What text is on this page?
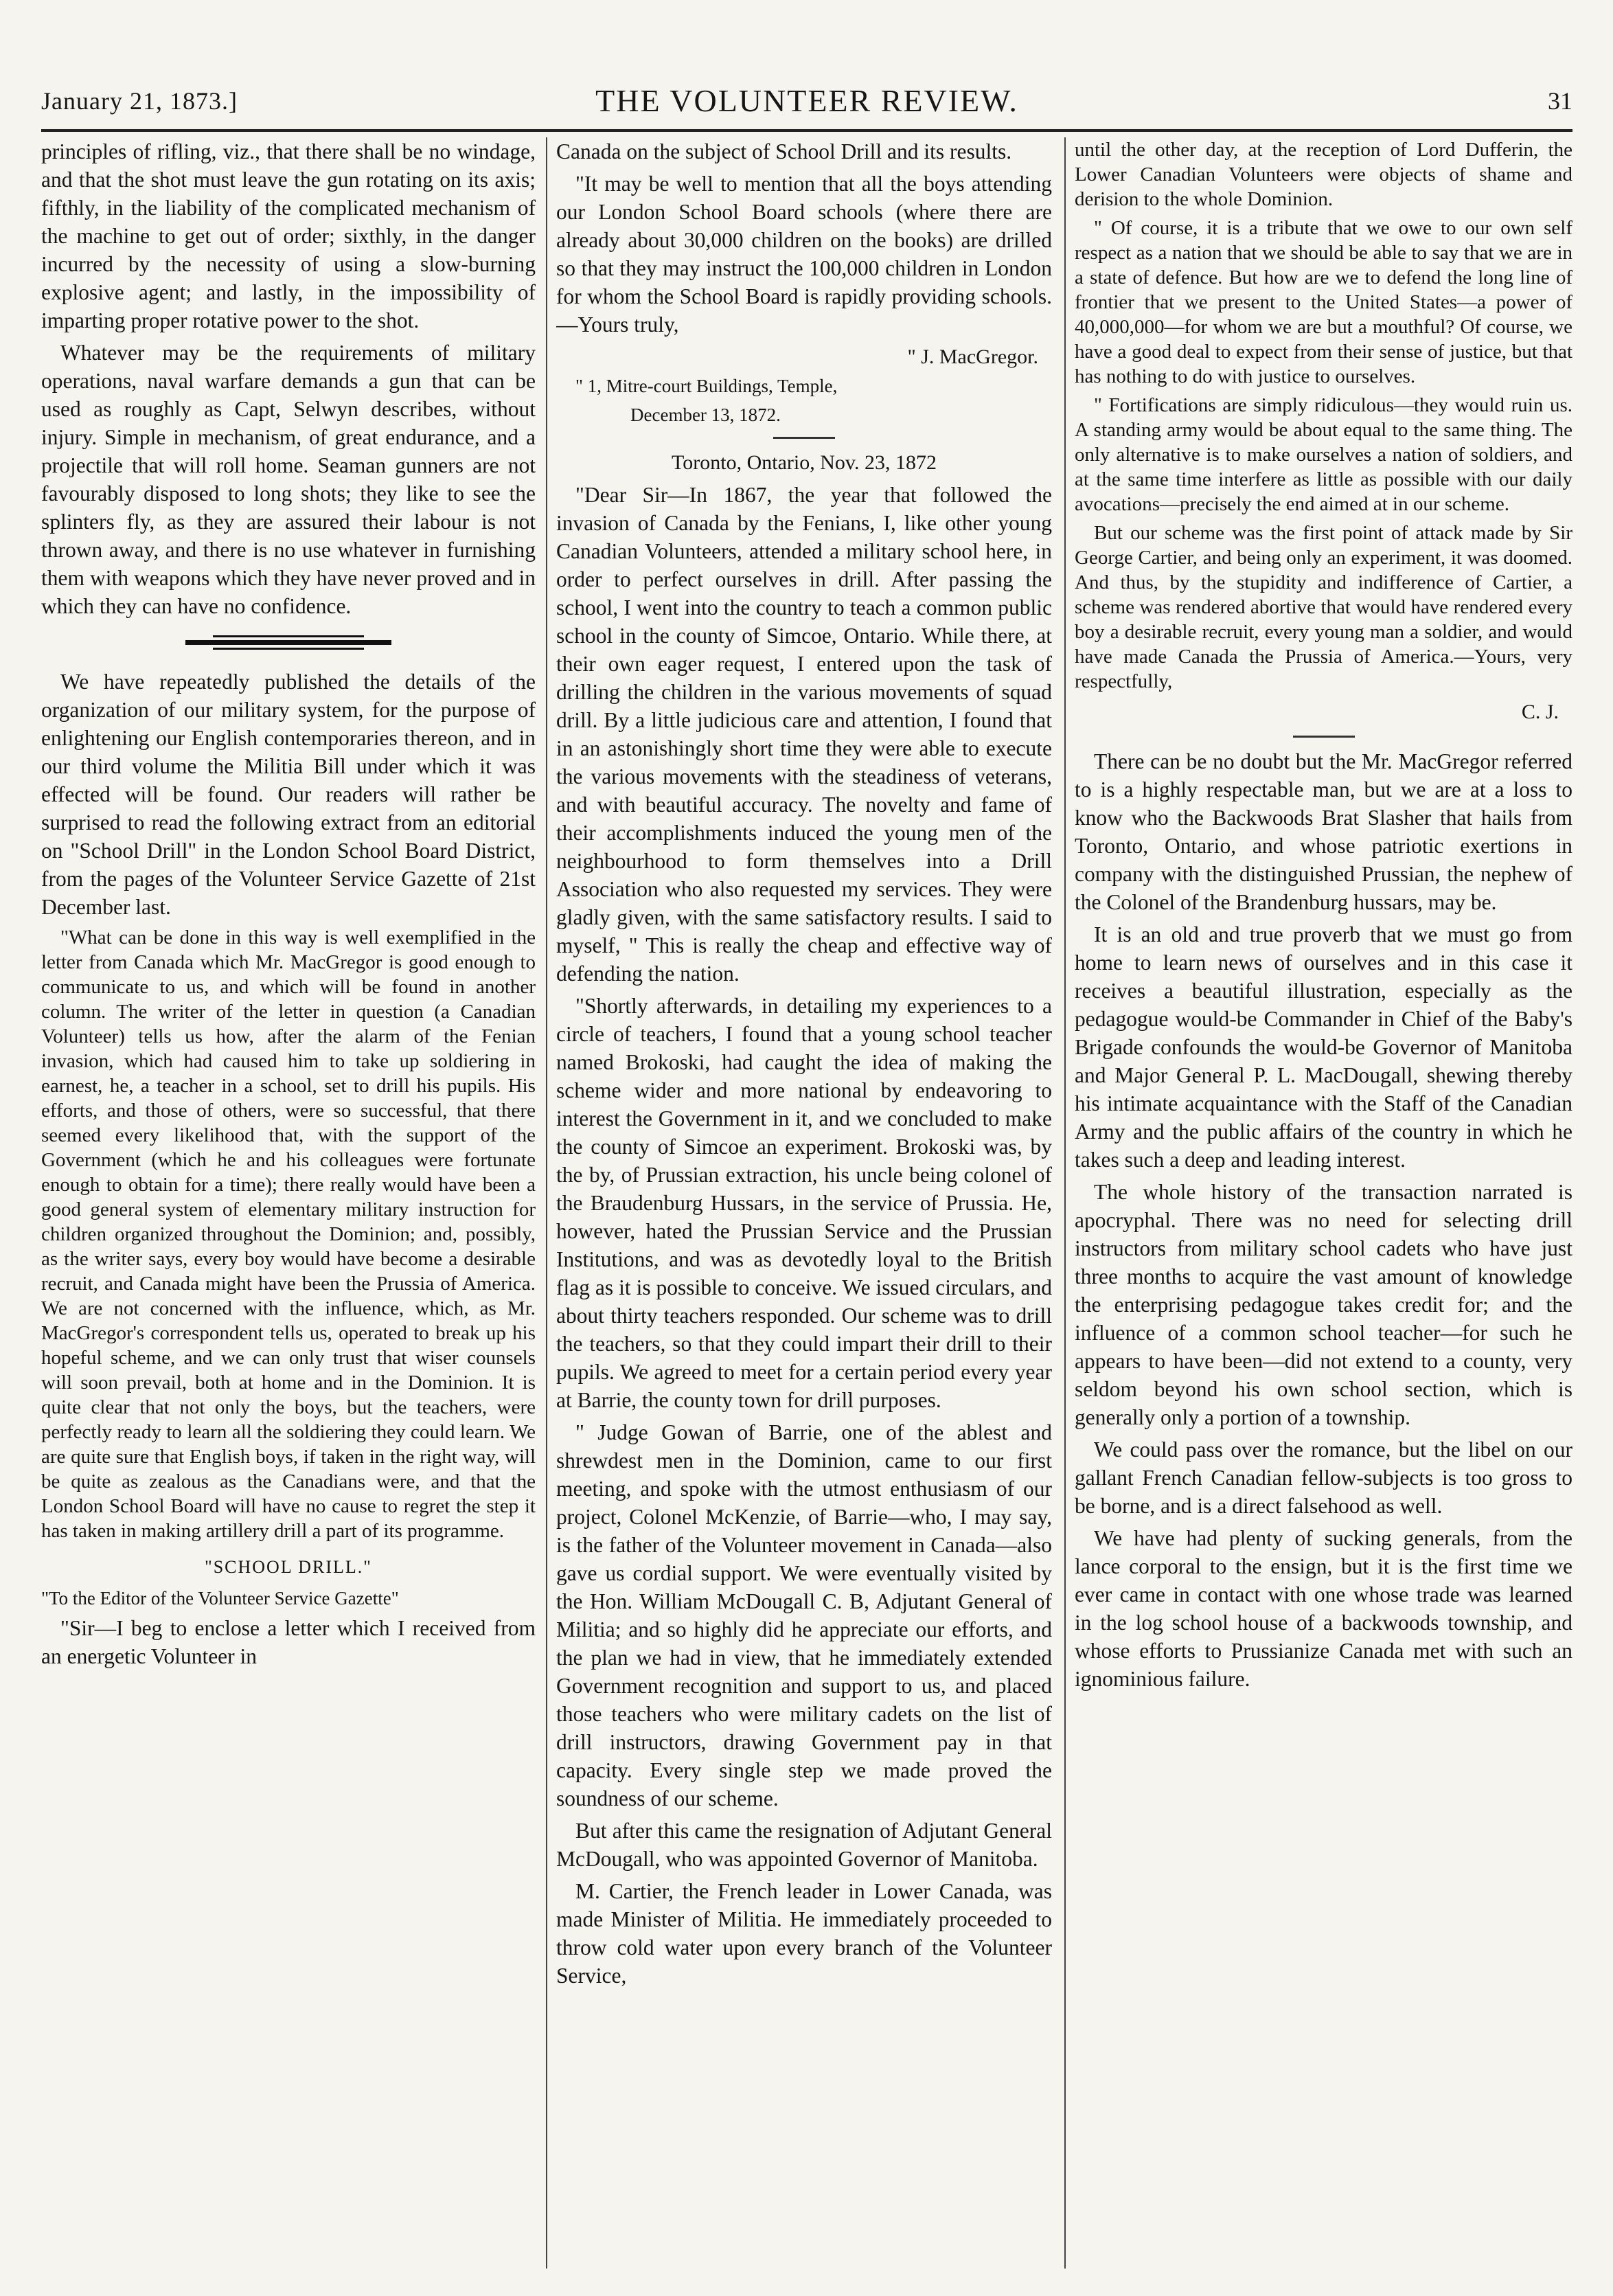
January 21, 1873.]	THE VOLUNTEER REVIEW.	31

principles of rifling, viz., that there shall be no windage, and that the shot must leave the gun rotating on its axis; fifthly, in the liability of the complicated mechanism of the machine to get out of order; sixthly, in the danger incurred by the necessity of using a slow-burning explosive agent; and lastly, in the impossibility of imparting proper rotative power to the shot.

Whatever may be the requirements of military operations, naval warfare demands a gun that can be used as roughly as Capt, Selwyn describes, without injury. Simple in mechanism, of great endurance, and a projectile that will roll home. Seaman gunners are not favourably disposed to long shots; they like to see the splinters fly, as they are assured their labour is not thrown away, and there is no use whatever in furnishing them with weapons which they have never proved and in which they can have no confidence.

We have repeatedly published the details of the organization of our military system, for the purpose of enlightening our English contemporaries thereon, and in our third volume the Militia Bill under which it was effected will be found. Our readers will rather be surprised to read the following extract from an editorial on "School Drill" in the London School Board District, from the pages of the Volunteer Service Gazette of 21st December last.

"What can be done in this way is well exemplified in the letter from Canada which Mr. MacGregor is good enough to communicate to us, and which will be found in another column. The writer of the letter in question (a Canadian Volunteer) tells us how, after the alarm of the Fenian invasion, which had caused him to take up soldiering in earnest, he, a teacher in a school, set to drill his pupils. His efforts, and those of others, were so successful, that there seemed every likelihood that, with the support of the Government (which he and his colleagues were fortunate enough to obtain for a time); there really would have been a good general system of elementary military instruction for children organized throughout the Dominion; and, possibly, as the writer says, every boy would have become a desirable recruit, and Canada might have been the Prussia of America. We are not concerned with the influence, which, as Mr. MacGregor's correspondent tells us, operated to break up his hopeful scheme, and we can only trust that wiser counsels will soon prevail, both at home and in the Dominion. It is quite clear that not only the boys, but the teachers, were perfectly ready to learn all the soldiering they could learn. We are quite sure that English boys, if taken in the right way, will be quite as zealous as the Canadians were, and that the London School Board will have no cause to regret the step it has taken in making artillery drill a part of its programme.

"SCHOOL DRILL."

"To the Editor of the Volunteer Service Gazette"

"Sir—I beg to enclose a letter which I received from an energetic Volunteer in

Canada on the subject of School Drill and its results.

"It may be well to mention that all the boys attending our London School Board schools (where there are already about 30,000 children on the books) are drilled so that they may instruct the 100,000 children in London for whom the School Board is rapidly providing schools.—Yours truly,

" J. MacGregor.

" 1, Mitre-court Buildings, Temple,

December 13, 1872.

Toronto, Ontario, Nov. 23, 1872

"Dear Sir—In 1867, the year that followed the invasion of Canada by the Fenians, I, like other young Canadian Volunteers, attended a military school here, in order to perfect ourselves in drill. After passing the school, I went into the country to teach a common public school in the county of Simcoe, Ontario. While there, at their own eager request, I entered upon the task of drilling the children in the various movements of squad drill. By a little judicious care and attention, I found that in an astonishingly short time they were able to execute the various movements with the steadiness of veterans, and with beautiful accuracy. The novelty and fame of their accomplishments induced the young men of the neighbourhood to form themselves into a Drill Association who also requested my services. They were gladly given, with the same satisfactory results. I said to myself, " This is really the cheap and effective way of defending the nation.

"Shortly afterwards, in detailing my experiences to a circle of teachers, I found that a young school teacher named Brokoski, had caught the idea of making the scheme wider and more national by endeavoring to interest the Government in it, and we concluded to make the county of Simcoe an experiment. Brokoski was, by the by, of Prussian extraction, his uncle being colonel of the Braudenburg Hussars, in the service of Prussia. He, however, hated the Prussian Service and the Prussian Institutions, and was as devotedly loyal to the British flag as it is possible to conceive. We issued circulars, and about thirty teachers responded. Our scheme was to drill the teachers, so that they could impart their drill to their pupils. We agreed to meet for a certain period every year at Barrie, the county town for drill purposes.

" Judge Gowan of Barrie, one of the ablest and shrewdest men in the Dominion, came to our first meeting, and spoke with the utmost enthusiasm of our project, Colonel McKenzie, of Barrie—who, I may say, is the father of the Volunteer movement in Canada—also gave us cordial support. We were eventually visited by the Hon. William McDougall C. B, Adjutant General of Militia; and so highly did he appreciate our efforts, and the plan we had in view, that he immediately extended Government recognition and support to us, and placed those teachers who were military cadets on the list of drill instructors, drawing Government pay in that capacity. Every single step we made proved the soundness of our scheme.

But after this came the resignation of Adjutant General McDougall, who was appointed Governor of Manitoba.

M. Cartier, the French leader in Lower Canada, was made Minister of Militia. He immediately proceeded to throw cold water upon every branch of the Volunteer Service,

until the other day, at the reception of Lord Dufferin, the Lower Canadian Volunteers were objects of shame and derision to the whole Dominion.

" Of course, it is a tribute that we owe to our own self respect as a nation that we should be able to say that we are in a state of defence. But how are we to defend the long line of frontier that we present to the United States—a power of 40,000,000—for whom we are but a mouthful? Of course, we have a good deal to expect from their sense of justice, but that has nothing to do with justice to ourselves.

" Fortifications are simply ridiculous—they would ruin us. A standing army would be about equal to the same thing. The only alternative is to make ourselves a nation of soldiers, and at the same time interfere as little as possible with our daily avocations—precisely the end aimed at in our scheme.

But our scheme was the first point of attack made by Sir George Cartier, and being only an experiment, it was doomed. And thus, by the stupidity and indifference of Cartier, a scheme was rendered abortive that would have rendered every boy a desirable recruit, every young man a soldier, and would have made Canada the Prussia of America.—Yours, very respectfully,

C. J.

There can be no doubt but the Mr. MacGregor referred to is a highly respectable man, but we are at a loss to know who the Backwoods Brat Slasher that hails from Toronto, Ontario, and whose patriotic exertions in company with the distinguished Prussian, the nephew of the Colonel of the Brandenburg hussars, may be.

It is an old and true proverb that we must go from home to learn news of ourselves and in this case it receives a beautiful illustration, especially as the pedagogue would-be Commander in Chief of the Baby's Brigade confounds the would-be Governor of Manitoba and Major General P. L. MacDougall, shewing thereby his intimate acquaintance with the Staff of the Canadian Army and the public affairs of the country in which he takes such a deep and leading interest.

The whole history of the transaction narrated is apocryphal. There was no need for selecting drill instructors from military school cadets who have just three months to acquire the vast amount of knowledge the enterprising pedagogue takes credit for; and the influence of a common school teacher—for such he appears to have been—did not extend to a county, very seldom beyond his own school section, which is generally only a portion of a township.

We could pass over the romance, but the libel on our gallant French Canadian fellow-subjects is too gross to be borne, and is a direct falsehood as well.

We have had plenty of sucking generals, from the lance corporal to the ensign, but it is the first time we ever came in contact with one whose trade was learned in the log school house of a backwoods township, and whose efforts to Prussianize Canada met with such an ignominious failure.
